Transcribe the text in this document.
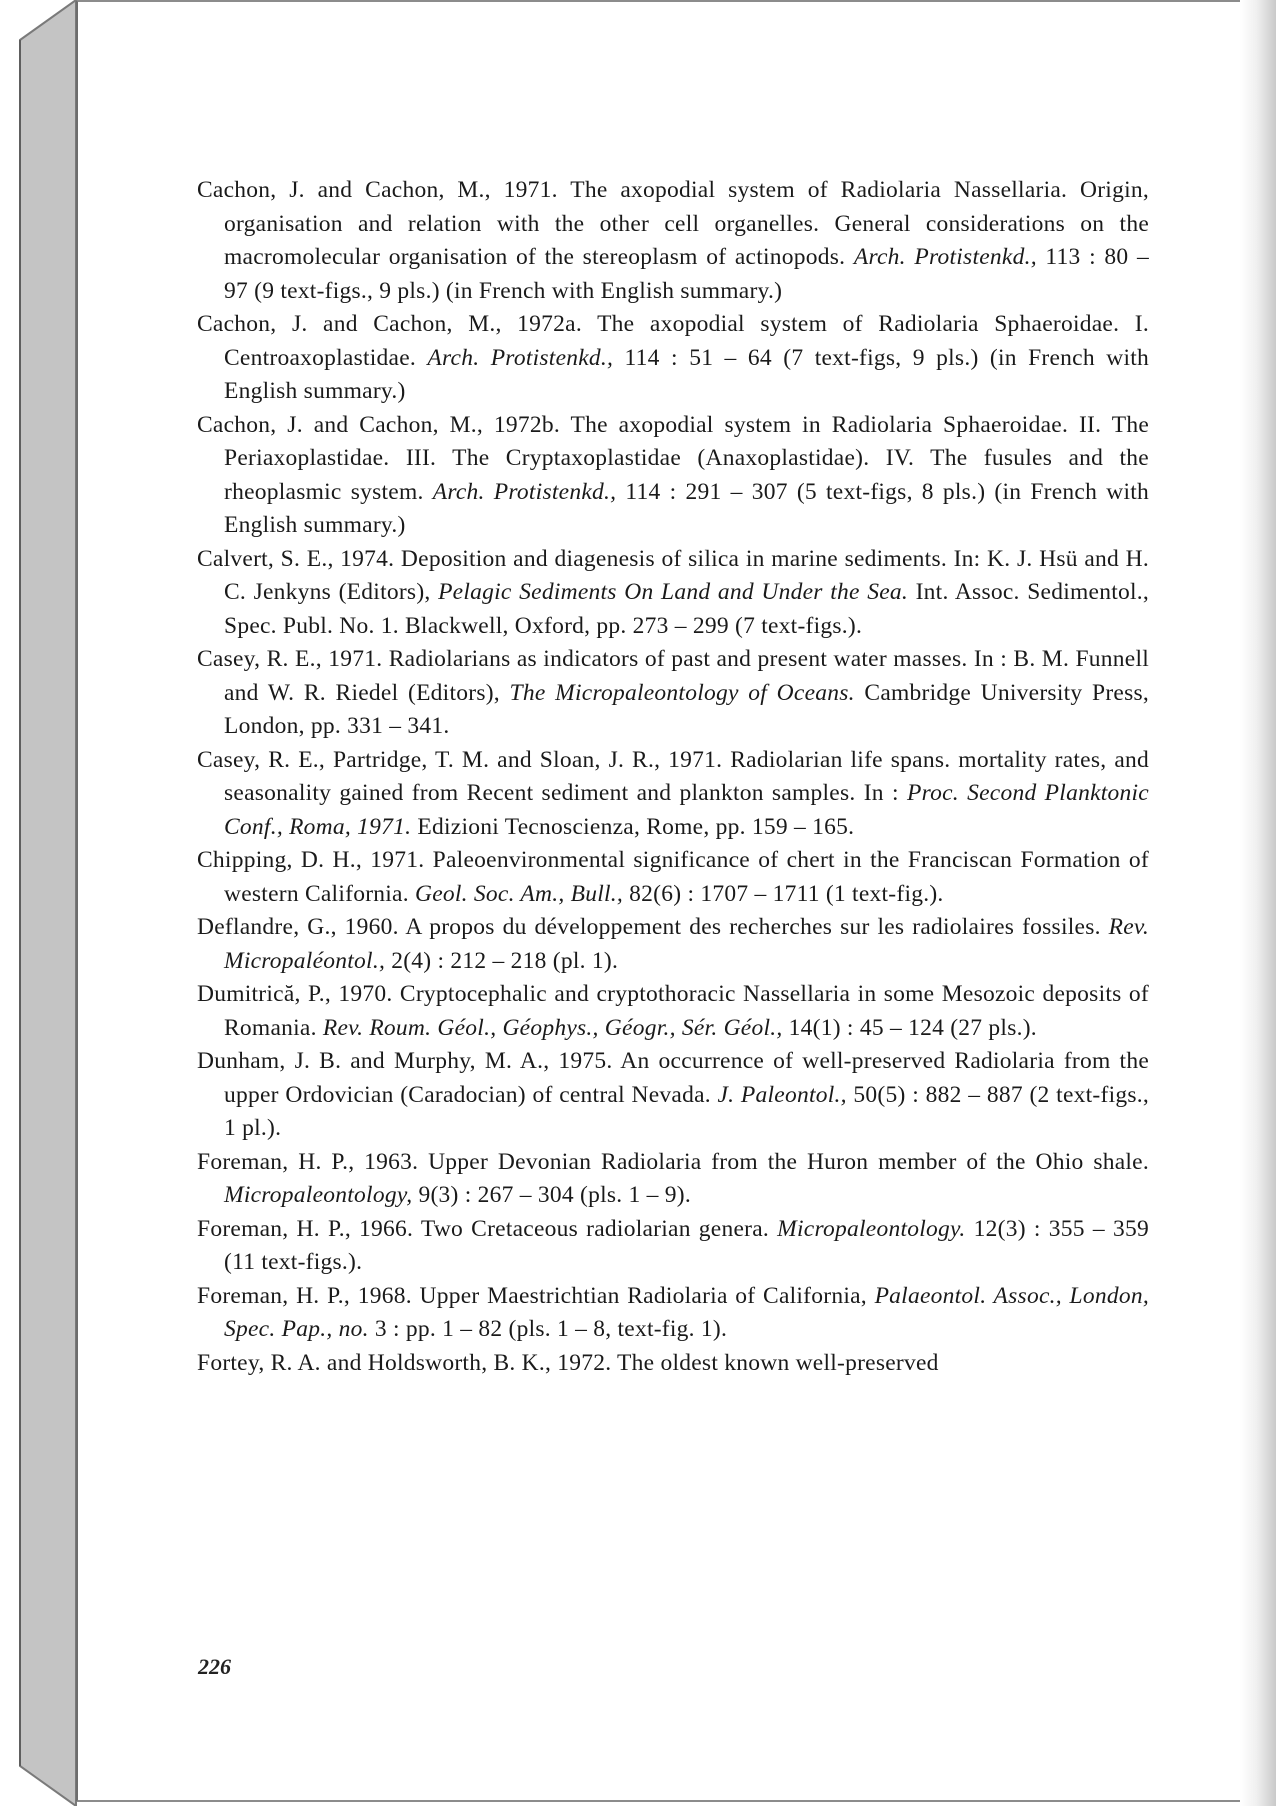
Cachon, J. and Cachon, M., 1971. The axopodial system of Radiolaria Nassellaria. Origin, organisation and relation with the other cell organelles. General considerations on the macromolecular organisation of the stereoplasm of actinopods. Arch. Protistenkd., 113 : 80 – 97 (9 text-figs., 9 pls.) (in French with English summary.)
Cachon, J. and Cachon, M., 1972a. The axopodial system of Radiolaria Sphaeroidae. I. Centroaxoplastidae. Arch. Protistenkd., 114 : 51 – 64 (7 text-figs, 9 pls.) (in French with English summary.)
Cachon, J. and Cachon, M., 1972b. The axopodial system in Radiolaria Sphaeroidae. II. The Periaxoplastidae. III. The Cryptaxoplastidae (Anaxoplastidae). IV. The fusules and the rheoplasmic system. Arch. Protistenkd., 114 : 291 – 307 (5 text-figs, 8 pls.) (in French with English summary.)
Calvert, S. E., 1974. Deposition and diagenesis of silica in marine sediments. In: K. J. Hsü and H. C. Jenkyns (Editors), Pelagic Sediments On Land and Under the Sea. Int. Assoc. Sedimentol., Spec. Publ. No. 1. Blackwell, Oxford, pp. 273 – 299 (7 text-figs.).
Casey, R. E., 1971. Radiolarians as indicators of past and present water masses. In : B. M. Funnell and W. R. Riedel (Editors), The Micropaleontology of Oceans. Cambridge University Press, London, pp. 331 – 341.
Casey, R. E., Partridge, T. M. and Sloan, J. R., 1971. Radiolarian life spans. mortality rates, and seasonality gained from Recent sediment and plankton samples. In : Proc. Second Planktonic Conf., Roma, 1971. Edizioni Tecnoscienza, Rome, pp. 159 – 165.
Chipping, D. H., 1971. Paleoenvironmental significance of chert in the Franciscan Formation of western California. Geol. Soc. Am., Bull., 82(6) : 1707 – 1711 (1 text-fig.).
Deflandre, G., 1960. A propos du développement des recherches sur les radiolaires fossiles. Rev. Micropaléontol., 2(4) : 212 – 218 (pl. 1).
Dumitrică, P., 1970. Cryptocephalic and cryptothoracic Nassellaria in some Mesozoic deposits of Romania. Rev. Roum. Géol., Géophys., Géogr., Sér. Géol., 14(1) : 45 – 124 (27 pls.).
Dunham, J. B. and Murphy, M. A., 1975. An occurrence of well-preserved Radiolaria from the upper Ordovician (Caradocian) of central Nevada. J. Paleontol., 50(5) : 882 – 887 (2 text-figs., 1 pl.).
Foreman, H. P., 1963. Upper Devonian Radiolaria from the Huron member of the Ohio shale. Micropaleontology, 9(3) : 267 – 304 (pls. 1 – 9).
Foreman, H. P., 1966. Two Cretaceous radiolarian genera. Micropaleontology. 12(3) : 355 – 359 (11 text-figs.).
Foreman, H. P., 1968. Upper Maestrichtian Radiolaria of California, Palaeontol. Assoc., London, Spec. Pap., no. 3 : pp. 1 – 82 (pls. 1 – 8, text-fig. 1).
Fortey, R. A. and Holdsworth, B. K., 1972. The oldest known well-preserved
226
